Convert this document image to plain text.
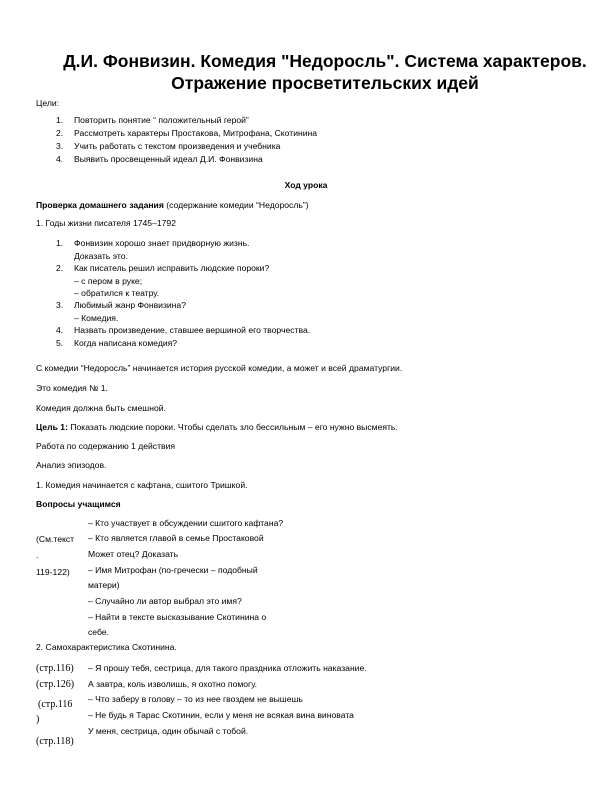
Д.И. Фонвизин. Комедия "Недоросль". Система характеров. Отражение просветительских идей
Цели:
1. Повторить понятие “ положительный герой”
2. Рассмотреть характеры Простакова, Митрофана, Скотинина
3. Учить работать с текстом произведения и учебника
4. Выявить просвещенный идеал Д.И. Фонвизина
Ход урока
Проверка домашнего задания (содержание комедии “Недоросль”)
1. Годы жизни писателя 1745–1792
1. Фонвизин хорошо знает придворную жизнь.
Доказать это.
2. Как писатель решил исправить людские пороки?
– с пером в руке;
– обратился к театру.
3. Любимый жанр Фонвизина?
– Комедия.
4. Назвать произведение, ставшее вершиной его творчества.
5. Когда написана комедия?
С комедии “Недоросль” начинается история русской комедии, а может и всей драматургии.
Это комедия № 1.
Комедия должна быть смешной.
Цель 1: Показать людские пороки. Чтобы сделать зло бессильным – его нужно высмеять.
Работа по содержанию 1 действия
Анализ эпизодов.
1. Комедия начинается с кафтана, сшитого Тришкой.
Вопросы учащимся
(См.текст
.
119-122)
– Кто участвует в обсуждении сшитого кафтана?
– Кто является главой в семье Простаковой
Может отец? Доказать
– Имя Митрофан (по-гречески – подобный
матери)
– Случайно ли автор выбрал это имя?
– Найти в тексте высказывание Скотинина о
себе.
2. Самохарактеристика Скотинина.
(стр.116) – Я прошу тебя, сестрица, для такого праздника отложить наказание.
(стр.126) А завтра, коль изволишь, я охотно помогу.
– Что заберу в голову – то из нее гвоздем не вышешь
(стр.116
– Не будь я Тарас Скотинин, если у меня не всякая вина виновата
)
У меня, сестрица, один обычай с тобой.
(стр.118)
